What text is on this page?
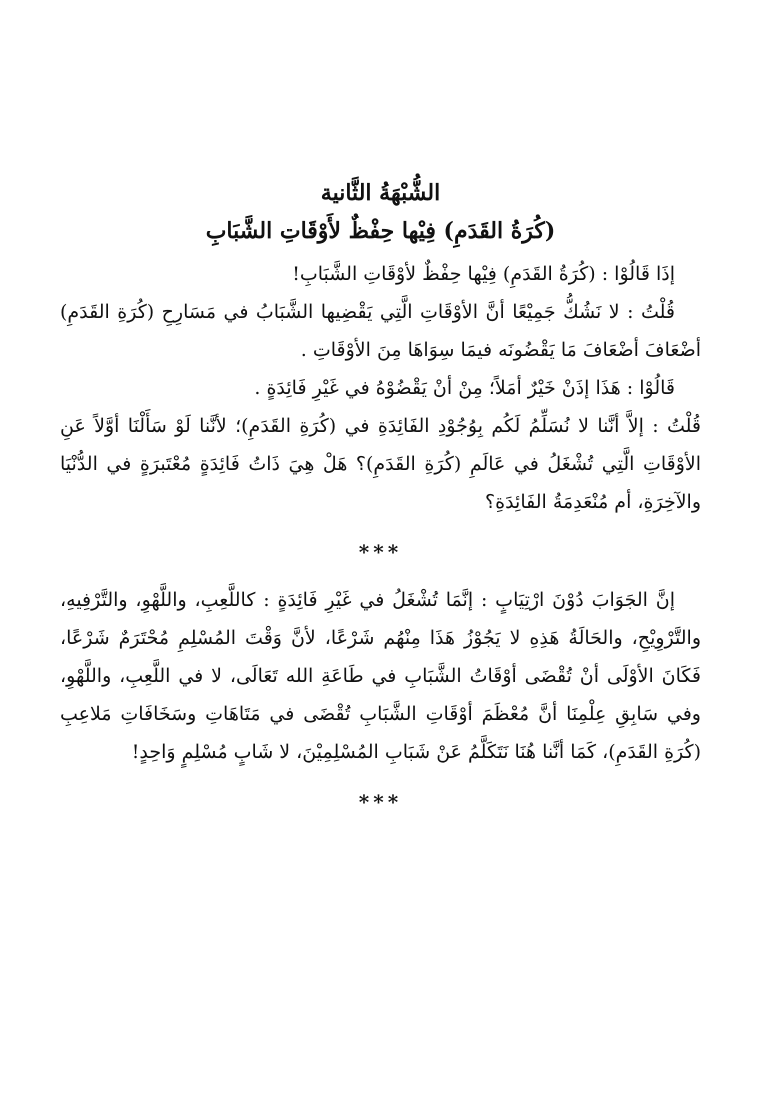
الشُّبْهَةُ الثَّانية
(كُرَةُ القَدَمِ) فِيْها حِفْظٌ لأَوْقَاتِ الشَّبَابِ

إذَا قَالُوْا : (كُرَةُ القَدَمِ) فِيْها حِفْظٌ لأوْقَاتِ الشَّبَابِ!

قُلْتُ : لا نَشُكُّ جَمِيْعًا أنَّ الأوْقَاتِ الَّتِي يَقْضِيها الشَّبَابُ في مَسَارِحِ (كُرَةِ القَدَمِ) أضْعَافَ أضْعَافَ مَا يَقْضُونَه فيمَا سِوَاهَا مِنَ الأوْقَاتِ .

قَالُوْا : هَذَا إذَنْ خَيْرٌ أمَلاً؛ مِنْ أنْ يَقْضُوْهُ في غَيْرِ فَائِدَةٍ .

قُلْتُ : إلاَّ أنَّنا لا نُسَلِّمُ لَكُم بِوُجُوْدِ الفَائِدَةِ في (كُرَةِ القَدَمِ)؛ لأنَّنا لَوْ سَأَلْنَا أوَّلاً عَنِ الأوْقَاتِ الَّتِي تُشْغَلُ في عَالَمِ (كُرَةِ القَدَمِ)؟ هَلْ هِيَ ذَاتُ فَائِدَةٍ مُعْتَبرَةٍ في الدُّنْيَا والآخِرَةِ، أم مُنْعَدِمَةُ الفَائِدَةِ؟

***

إنَّ الجَوَابَ دُوْنَ ارْتِيَابٍ : إنَّمَا تُشْغَلُ في غَيْرِ فَائِدَةٍ : كاللَّعِبِ، واللَّهْوِ، والتَّرْفِيهِ، والتَّرْوِيْحِ، والحَالَةُ هَذِهِ لا يَجُوْزُ هَذَا مِنْهُم شَرْعًا، لأنَّ وَقْتَ المُسْلِمِ مُحْتَرَمٌ شَرْعًا، فَكَانَ الأوْلَى أنْ تُقْضَى أوْقَاتُ الشَّبَابِ في طَاعَةِ الله تَعَالَى، لا في اللَّعِبِ، واللَّهْوِ، وفي سَابِقِ عِلْمِنَا أنَّ مُعْظَمَ أوْقَاتِ الشَّبَابِ تُقْضَى في مَتَاهَاتِ وسَخَافَاتِ مَلاعِبِ (كُرَةِ القَدَمِ)، كَمَا أنَّنا هُنَا نَتَكَلَّمُ عَنْ شَبَابِ المُسْلِمِيْنَ، لا شَابٍ مُسْلِمٍ وَاحِدٍ!

***
